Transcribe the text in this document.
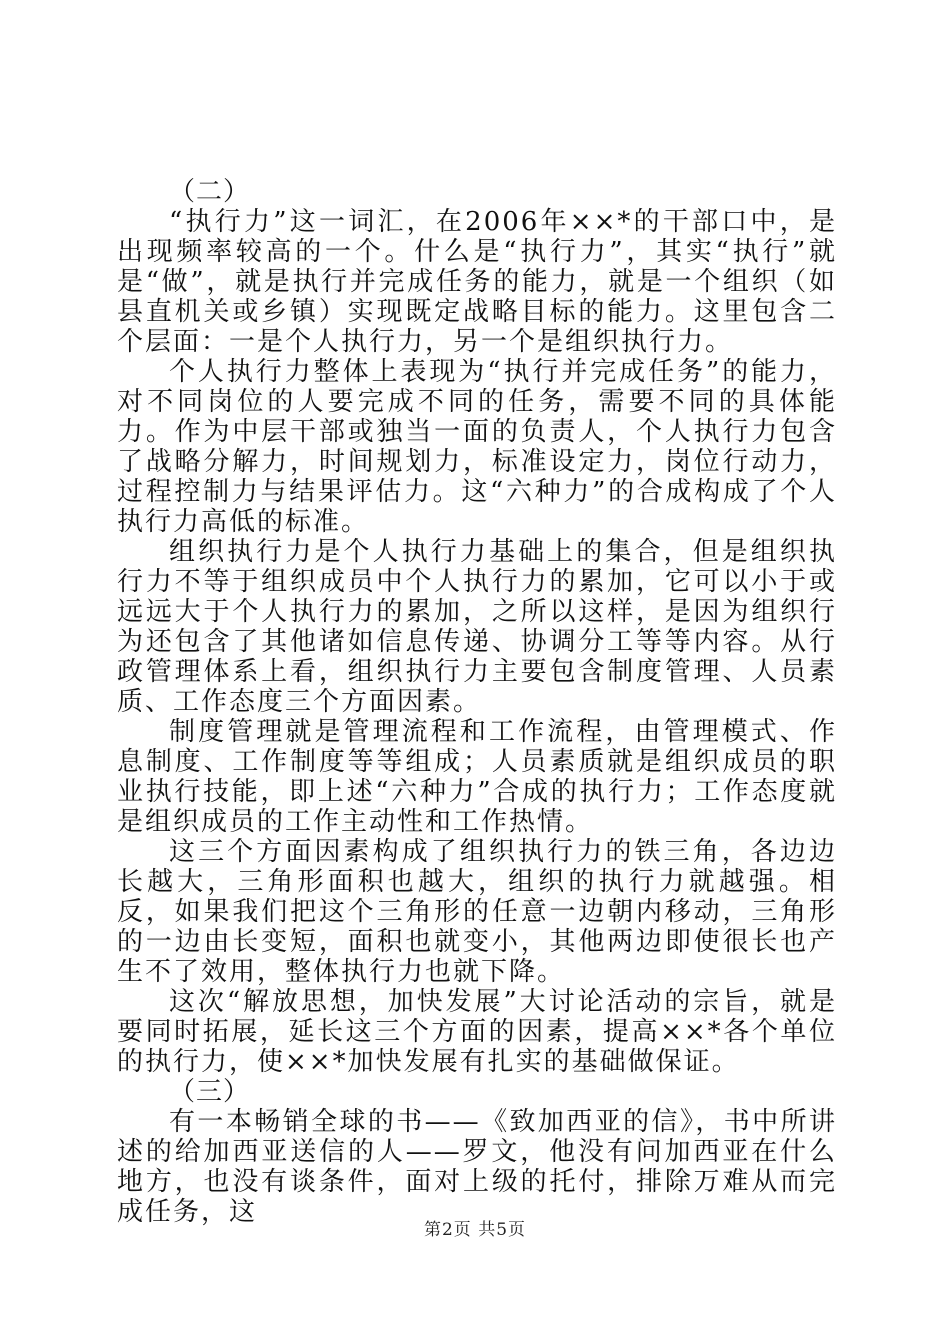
（二）

“执行力”这一词汇，在2006年××*的干部口中，是出现频率较高的一个。什么是“执行力”，其实“执行”就是“做”，就是执行并完成任务的能力，就是一个组织（如县直机关或乡镇）实现既定战略目标的能力。这里包含二个层面：一是个人执行力，另一个是组织执行力。

个人执行力整体上表现为“执行并完成任务”的能力，对不同岗位的人要完成不同的任务，需要不同的具体能力。作为中层干部或独当一面的负责人，个人执行力包含了战略分解力，时间规划力，标准设定力，岗位行动力，过程控制力与结果评估力。这“六种力”的合成构成了个人执行力高低的标准。

组织执行力是个人执行力基础上的集合，但是组织执行力不等于组织成员中个人执行力的累加，它可以小于或远远大于个人执行力的累加，之所以这样，是因为组织行为还包含了其他诸如信息传递、协调分工等等内容。从行政管理体系上看，组织执行力主要包含制度管理、人员素质、工作态度三个方面因素。

制度管理就是管理流程和工作流程，由管理模式、作息制度、工作制度等等组成；人员素质就是组织成员的职业执行技能，即上述“六种力”合成的执行力；工作态度就是组织成员的工作主动性和工作热情。

这三个方面因素构成了组织执行力的铁三角，各边边长越大，三角形面积也越大，组织的执行力就越强。相反，如果我们把这个三角形的任意一边朝内移动，三角形的一边由长变短，面积也就变小，其他两边即使很长也产生不了效用，整体执行力也就下降。

这次“解放思想，加快发展”大讨论活动的宗旨，就是要同时拓展，延长这三个方面的因素，提高××*各个单位的执行力，使××*加快发展有扎实的基础做保证。

（三）

有一本畅销全球的书——《致加西亚的信》，书中所讲述的给加西亚送信的人——罗文，他没有问加西亚在什么地方，也没有谈条件，面对上级的托付，排除万难从而完成任务，这

第2页 共5页
